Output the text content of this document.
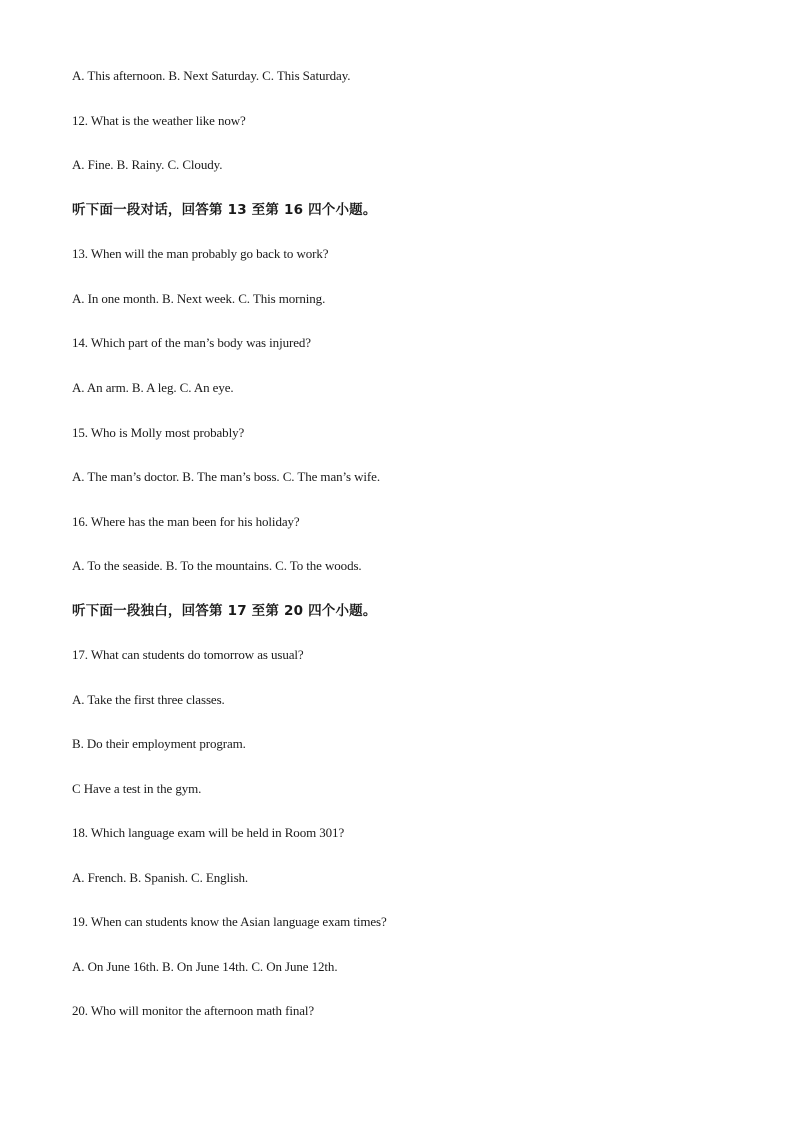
A. This afternoon. B. Next Saturday. C. This Saturday.
12. What is the weather like now?
A. Fine. B. Rainy. C. Cloudy.
听下面一段对话，回答第 13 至第 16 四个小题。
13. When will the man probably go back to work?
A. In one month. B. Next week. C. This morning.
14. Which part of the man’s body was injured?
A. An arm. B. A leg. C. An eye.
15. Who is Molly most probably?
A. The man’s doctor. B. The man’s boss. C. The man’s wife.
16. Where has the man been for his holiday?
A. To the seaside. B. To the mountains. C. To the woods.
听下面一段独白，回答第 17 至第 20 四个小题。
17. What can students do tomorrow as usual?
A. Take the first three classes.
B. Do their employment program.
C Have a test in the gym.
18. Which language exam will be held in Room 301?
A. French. B. Spanish. C. English.
19. When can students know the Asian language exam times?
A. On June 16th. B. On June 14th. C. On June 12th.
20. Who will monitor the afternoon math final?
